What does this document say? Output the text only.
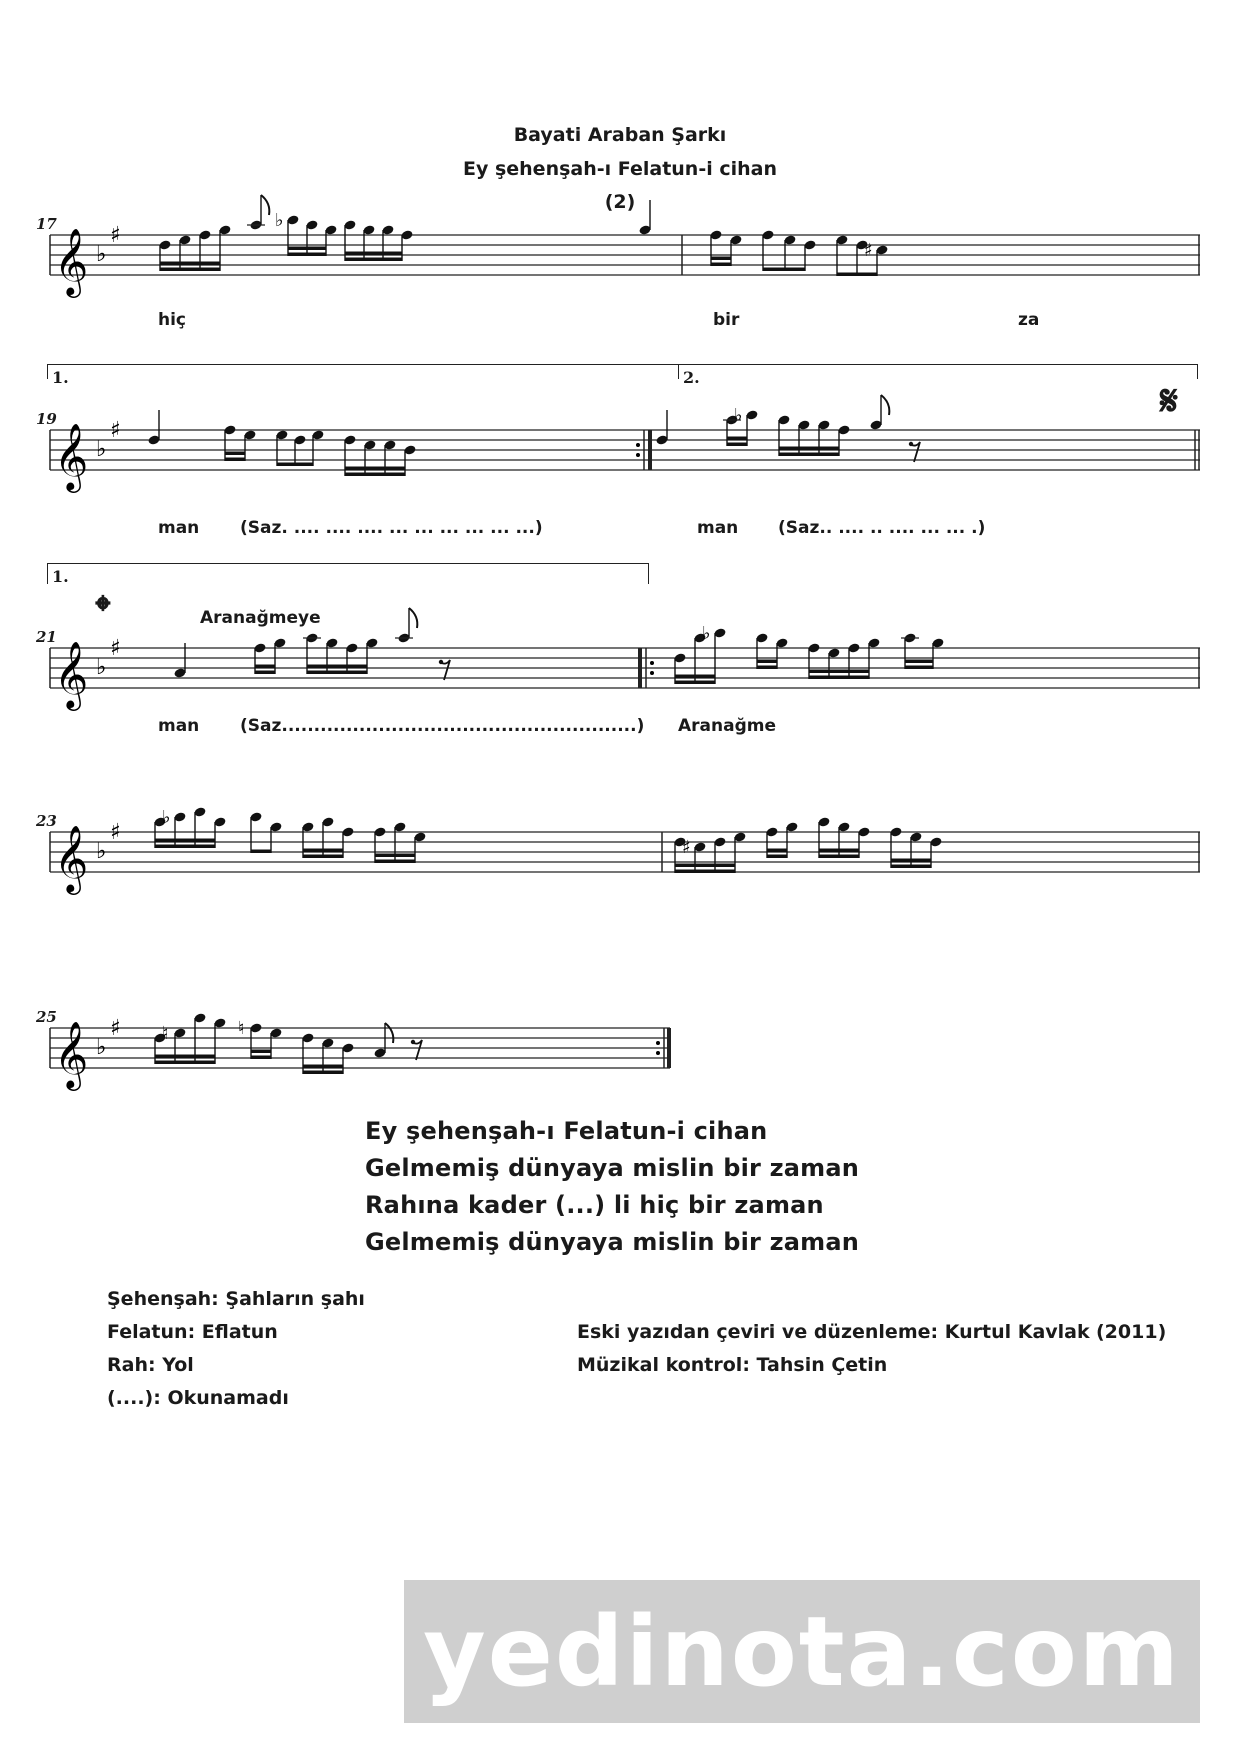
Bayati Araban Şarkı
Ey şehenşah-ı Felatun-i cihan
(2)
17
𝄞 ♭
♯
♭
♯
hiç	bir	za
1.	2.
19
𝄞 ♭
♯
♭	𝄋
man (Saz. .... .... .... ... ... ... ... ... ...)	man (Saz.. .... .. .... ... ... .)
1.
𝄌	Aranağmeye
21
𝄞 ♭
♯
♭
man (Saz.......................................................) Aranağme
23
𝄞 ♭
♯
♭
♯
25
𝄞 ♭
♯ ♮	♮
Ey şehenşah-ı Felatun-i cihan
Gelmemiş dünyaya mislin bir zaman
Rahına kader (...) li hiç bir zaman
Gelmemiş dünyaya mislin bir zaman
Şehenşah: Şahların şahı
Felatun: Eflatun
Rah: Yol
(....): Okunamadı
Eski yazıdan çeviri ve düzenleme: Kurtul Kavlak (2011)
Müzikal kontrol: Tahsin Çetin
yedinota.com
